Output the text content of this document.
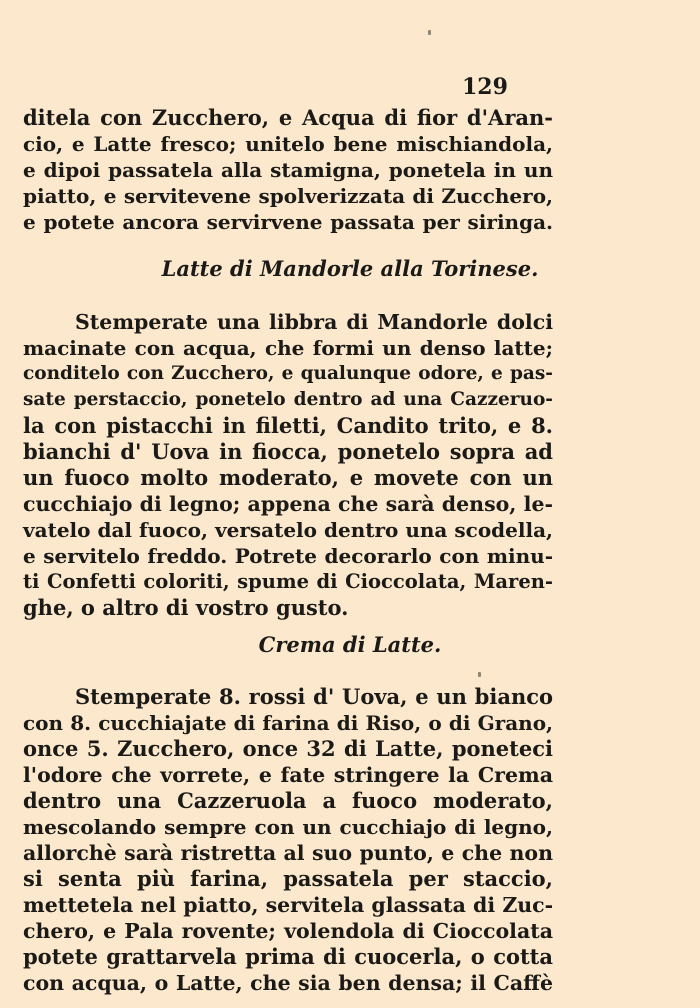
129
ditela con Zucchero, e Acqua di fior d'Aran-
cio, e Latte fresco; unitelo bene mischiandola,
e dipoi passatela alla stamigna, ponetela in un
piatto, e servitevene spolverizzata di Zucchero,
e potete ancora servirvene passata per siringa.
Latte di Mandorle alla Torinese.
Stemperate una libbra di Mandorle dolci
macinate con acqua, che formi un denso latte;
conditelo con Zucchero, e qualunque odore, e pas-
sate perstaccio, ponetelo dentro ad una Cazzeruo-
la con pistacchi in filetti, Candito trito, e 8.
bianchi d' Uova in fiocca, ponetelo sopra ad
un fuoco molto moderato, e movete con un
cucchiajo di legno; appena che sarà denso, le-
vatelo dal fuoco, versatelo dentro una scodella,
e servitelo freddo. Potrete decorarlo con minu-
ti Confetti coloriti, spume di Cioccolata, Maren-
ghe, o altro di vostro gusto.
Crema di Latte.
Stemperate 8. rossi d' Uova, e un bianco
con 8. cucchiajate di farina di Riso, o di Grano,
once 5. Zucchero, once 32 di Latte, poneteci
l'odore che vorrete, e fate stringere la Crema
dentro una Cazzeruola a fuoco moderato,
mescolando sempre con un cucchiajo di legno,
allorchè sarà ristretta al suo punto, e che non
si senta più farina, passatela per staccio,
mettetela nel piatto, servitela glassata di Zuc-
chero, e Pala rovente; volendola di Cioccolata
potete grattarvela prima di cuocerla, o cotta
con acqua, o Latte, che sia ben densa; il Caffè
